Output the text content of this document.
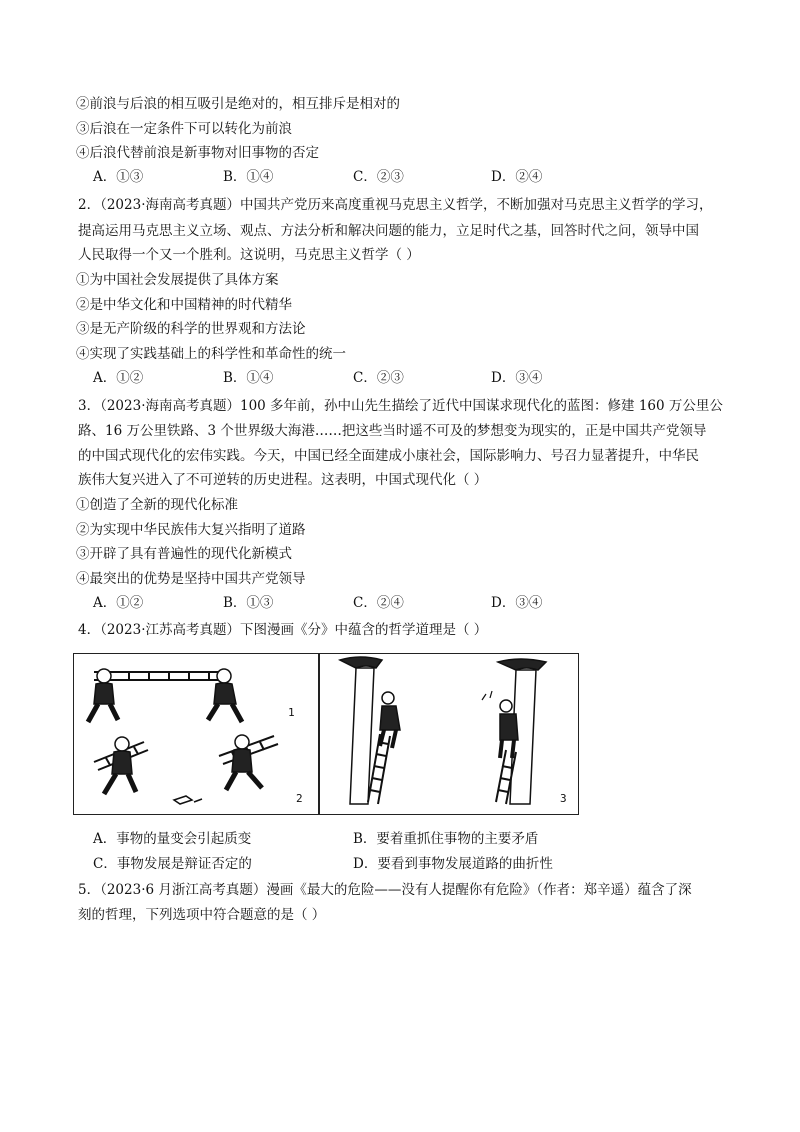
②前浪与后浪的相互吸引是绝对的，相互排斥是相对的
③后浪在一定条件下可以转化为前浪
④后浪代替前浪是新事物对旧事物的否定
A．①③	B．①④	C．②③	D．②④
2．（2023·海南高考真题）中国共产党历来高度重视马克思主义哲学，不断加强对马克思主义哲学的学习，
提高运用马克思主义立场、观点、方法分析和解决问题的能力，立足时代之基，回答时代之问，领导中国
人民取得一个又一个胜利。这说明，马克思主义哲学（ ）
①为中国社会发展提供了具体方案
②是中华文化和中国精神的时代精华
③是无产阶级的科学的世界观和方法论
④实现了实践基础上的科学性和革命性的统一
A．①②	B．①④	C．②③	D．③④
3．（2023·海南高考真题）100 多年前，孙中山先生描绘了近代中国谋求现代化的蓝图：修建 160 万公里公
路、16 万公里铁路、3 个世界级大海港……把这些当时遥不可及的梦想变为现实的，正是中国共产党领导
的中国式现代化的宏伟实践。今天，中国已经全面建成小康社会，国际影响力、号召力显著提升，中华民
族伟大复兴进入了不可逆转的历史进程。这表明，中国式现代化（ ）
①创造了全新的现代化标准
②为实现中华民族伟大复兴指明了道路
③开辟了具有普遍性的现代化新模式
④最突出的优势是坚持中国共产党领导
A．①②	B．①③	C．②④	D．③④
4．（2023·江苏高考真题）下图漫画《分》中蕴含的哲学道理是（ ）
1
2	3
A．事物的量变会引起质变	B．要着重抓住事物的主要矛盾
C．事物发展是辩证否定的	D．要看到事物发展道路的曲折性
5．（2023·6 月浙江高考真题）漫画《最大的危险——没有人提醒你有危险》（作者：郑辛遥）蕴含了深
刻的哲理，下列选项中符合题意的是（ ）
